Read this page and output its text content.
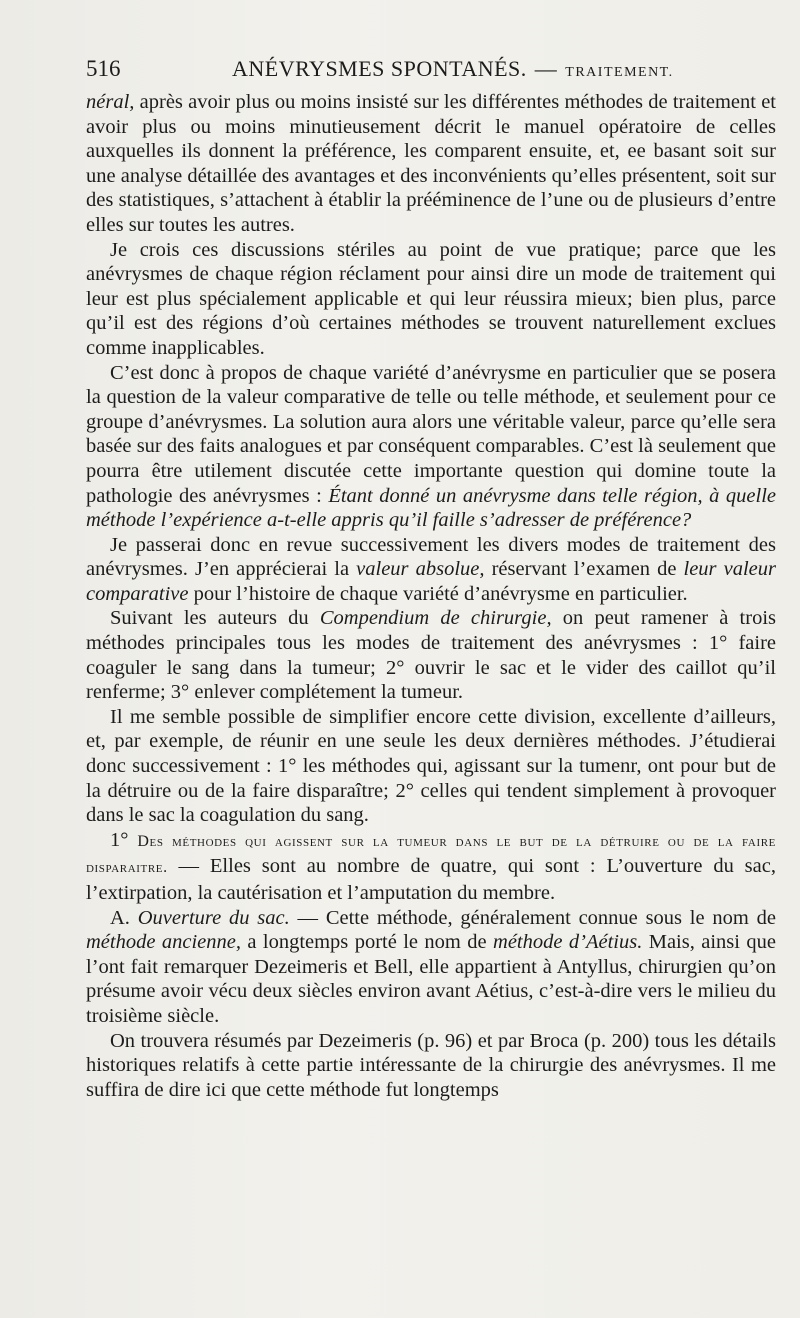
516	ANÉVRYSMES SPONTANÉS. — TRAITEMENT.

néral, après avoir plus ou moins insisté sur les différentes méthodes de traitement et avoir plus ou moins minutieusement décrit le manuel opératoire de celles auxquelles ils donnent la préférence, les comparent ensuite, et, ee basant soit sur une analyse détaillée des avantages et des inconvénients qu’elles présentent, soit sur des statistiques, s’attachent à établir la prééminence de l’une ou de plusieurs d’entre elles sur toutes les autres.

Je crois ces discussions stériles au point de vue pratique; parce que les anévrysmes de chaque région réclament pour ainsi dire un mode de traitement qui leur est plus spécialement applicable et qui leur réussira mieux; bien plus, parce qu’il est des régions d’où certaines méthodes se trouvent naturellement exclues comme inapplicables.

C’est donc à propos de chaque variété d’anévrysme en particulier que se posera la question de la valeur comparative de telle ou telle méthode, et seulement pour ce groupe d’anévrysmes. La solution aura alors une véritable valeur, parce qu’elle sera basée sur des faits analogues et par conséquent comparables. C’est là seulement que pourra être utilement discutée cette importante question qui domine toute la pathologie des anévrysmes : Étant donné un anévrysme dans telle région, à quelle méthode l’expérience a-t-elle appris qu’il faille s’adresser de préférence?

Je passerai donc en revue successivement les divers modes de traitement des anévrysmes. J’en apprécierai la valeur absolue, réservant l’examen de leur valeur comparative pour l’histoire de chaque variété d’anévrysme en particulier.

Suivant les auteurs du Compendium de chirurgie, on peut ramener à trois méthodes principales tous les modes de traitement des anévrysmes : 1° faire coaguler le sang dans la tumeur; 2° ouvrir le sac et le vider des caillot qu’il renferme; 3° enlever complétement la tumeur.

Il me semble possible de simplifier encore cette division, excellente d’ailleurs, et, par exemple, de réunir en une seule les deux dernières méthodes. J’étudierai donc successivement : 1° les méthodes qui, agissant sur la tumenr, ont pour but de la détruire ou de la faire disparaître; 2° celles qui tendent simplement à provoquer dans le sac la coagulation du sang.

1° Des méthodes qui agissent sur la tumeur dans le but de la détruire ou de la faire disparaitre. — Elles sont au nombre de quatre, qui sont : L’ouverture du sac, l’extirpation, la cautérisation et l’amputation du membre.

A. Ouverture du sac. — Cette méthode, généralement connue sous le nom de méthode ancienne, a longtemps porté le nom de méthode d’Aétius. Mais, ainsi que l’ont fait remarquer Dezeimeris et Bell, elle appartient à Antyllus, chirurgien qu’on présume avoir vécu deux siècles environ avant Aétius, c’est-à-dire vers le milieu du troisième siècle.

On trouvera résumés par Dezeimeris (p. 96) et par Broca (p. 200) tous les détails historiques relatifs à cette partie intéressante de la chirurgie des anévrysmes. Il me suffira de dire ici que cette méthode fut longtemps
